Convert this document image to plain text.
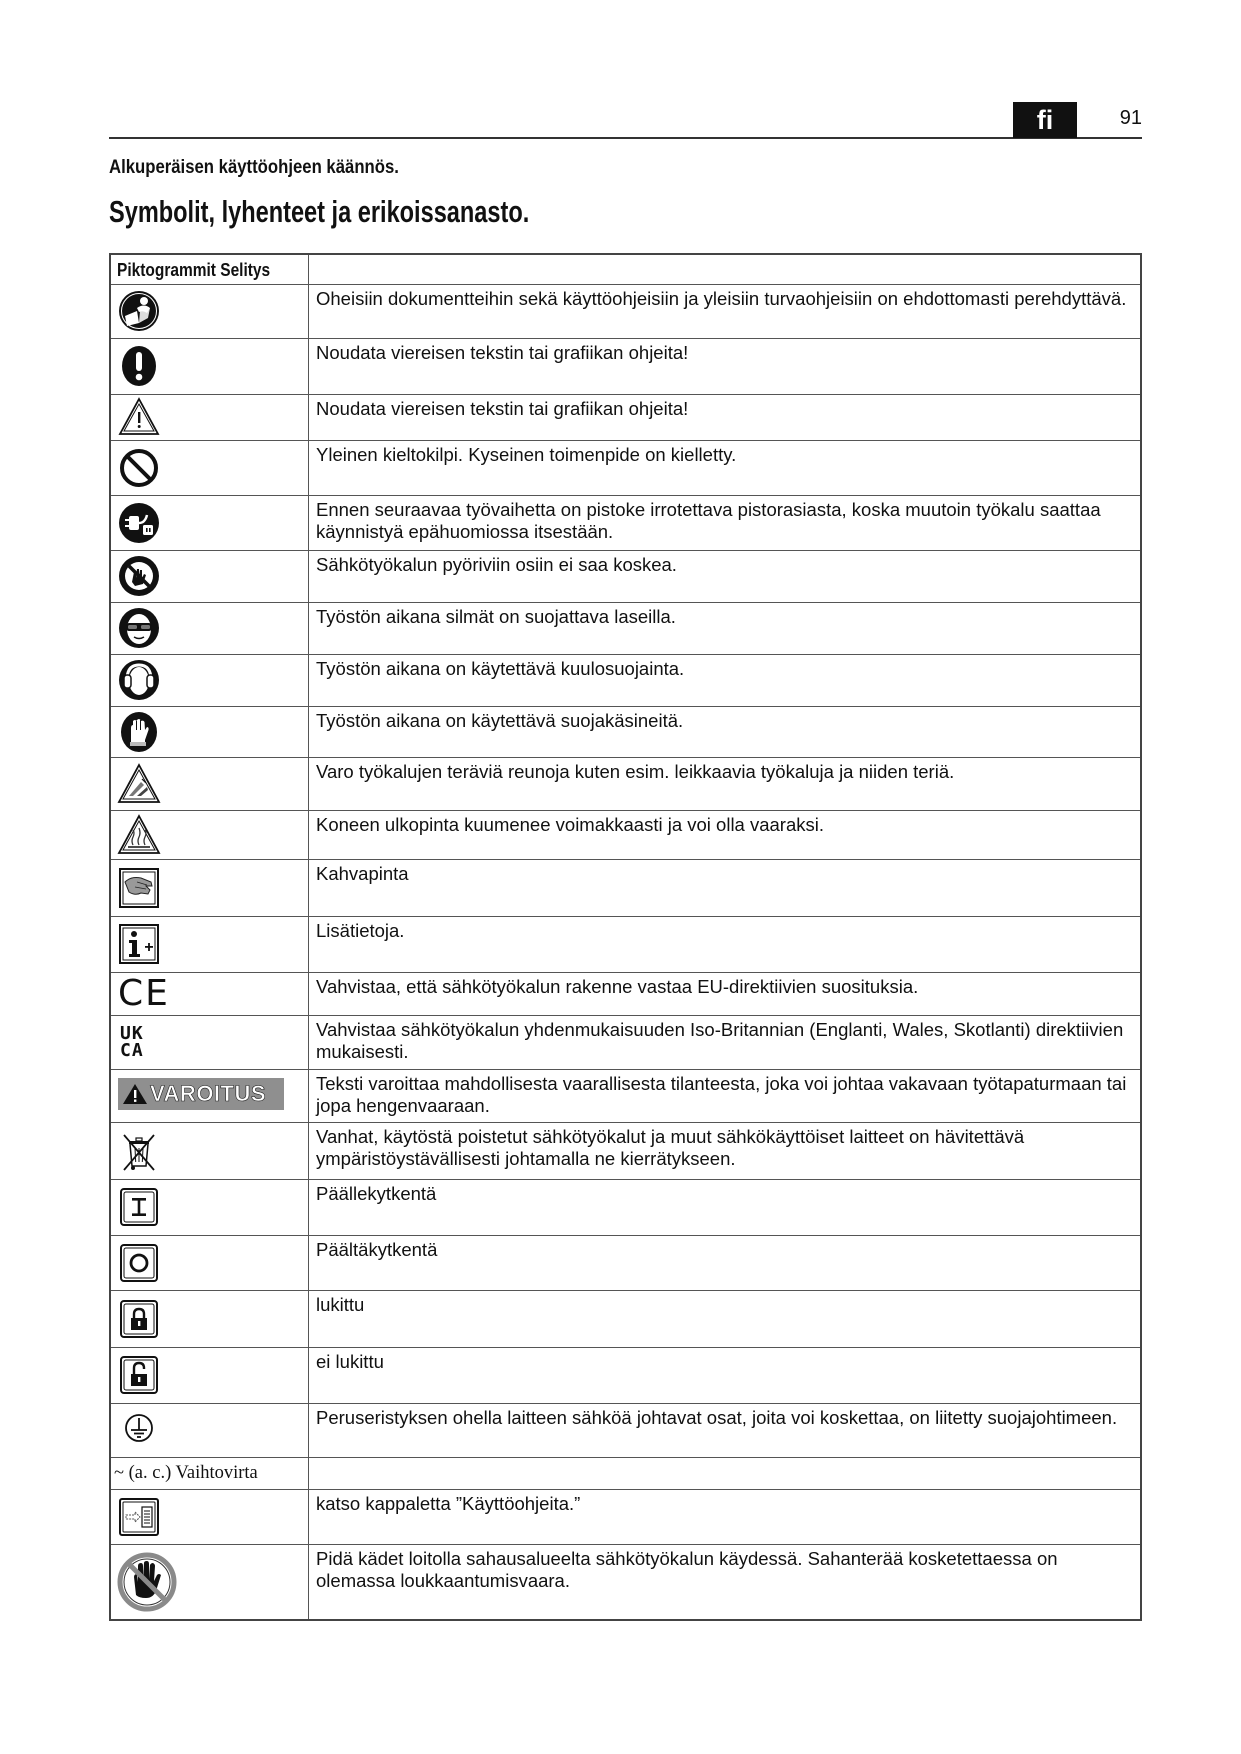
fi	91
Alkuperäisen käyttöohjeen käännös.
Symbolit, lyhenteet ja erikoissanasto.
Piktogrammit Selitys	

	Oheisiin dokumentteihin sekä käyttöohjeisiin ja yleisiin turvaohjeisiin on ehdottomasti perehdyttävä.

	Noudata viereisen tekstin tai grafiikan ohjeita!

	Noudata viereisen tekstin tai grafiikan ohjeita!

	Yleinen kieltokilpi. Kyseinen toimenpide on kielletty.

	Ennen seuraavaa työvaihetta on pistoke irrotettava pistorasiasta, koska muutoin työkalu saattaa käynnistyä epähuomiossa itsestään.

	Sähkötyökalun pyöriviin osiin ei saa koskea.

	Työstön aikana silmät on suojattava laseilla.

	Työstön aikana on käytettävä kuulosuojainta.

	Työstön aikana on käytettävä suojakäsineitä.

	Varo työkalujen teräviä reunoja kuten esim. leikkaavia työkaluja ja niiden teriä.

	Koneen ulkopinta kuumenee voimakkaasti ja voi olla vaaraksi.

	Kahvapinta

	Lisätietoja.

CE	Vahvistaa, että sähkötyökalun rakenne vastaa EU-direktiivien suosituksia.

UK
CA	Vahvistaa sähkötyökalun yhdenmukaisuuden Iso-Britannian (Englanti, Wales, Skotlanti) direktiivien mukaisesti.

VAROITUS	Teksti varoittaa mahdollisesta vaarallisesta tilanteesta, joka voi johtaa vakavaan työtapaturmaan tai jopa hengenvaaraan.

	Vanhat, käytöstä poistetut sähkötyökalut ja muut sähkökäyttöiset laitteet on hävitettävä ympäristöystävällisesti johtamalla ne kierrätykseen.

	Päällekytkentä

	Päältäkytkentä

	lukittu

	ei lukittu

	Peruseristyksen ohella laitteen sähköä johtavat osat, joita voi koskettaa, on liitetty suojajohtimeen.

~ (a. c.) Vaihtovirta	

	katso kappaletta ”Käyttöohjeita.”

	Pidä kädet loitolla sahausalueelta sähkötyökalun käydessä. Sahanterää kosketettaessa on olemassa loukkaantumisvaara.
